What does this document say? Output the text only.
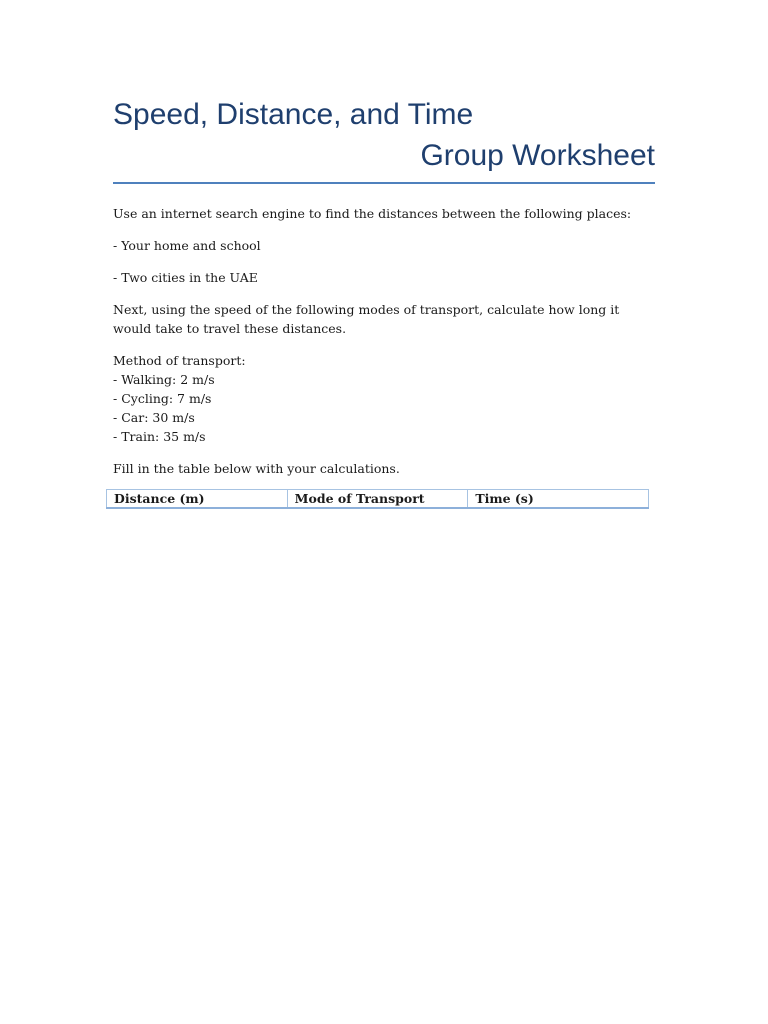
Speed, Distance, and Time
Group Worksheet

Use an internet search engine to find the distances between the following places:

- Your home and school

- Two cities in the UAE

Next, using the speed of the following modes of transport, calculate how long it would take to travel these distances.

Method of transport:
- Walking: 2 m/s
- Cycling: 7 m/s
- Car: 30 m/s
- Train: 35 m/s

Fill in the table below with your calculations.

Distance (m)	Mode of Transport	Time (s)
